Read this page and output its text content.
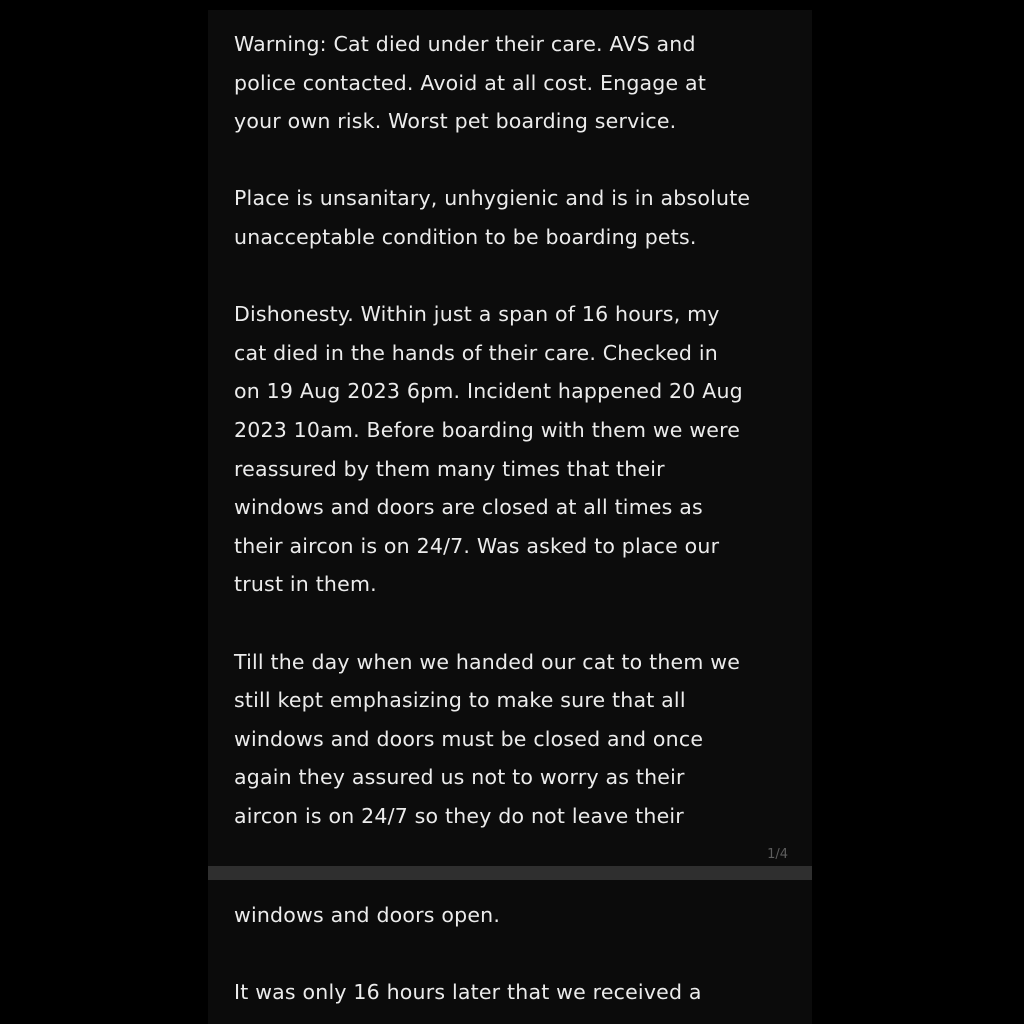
Warning: Cat died under their care. AVS and

police contacted. Avoid at all cost. Engage at

your own risk. Worst pet boarding service.

Place is unsanitary, unhygienic and is in absolute

unacceptable condition to be boarding pets.

Dishonesty. Within just a span of 16 hours, my

cat died in the hands of their care. Checked in

on 19 Aug 2023 6pm. Incident happened 20 Aug

2023 10am. Before boarding with them we were

reassured by them many times that their

windows and doors are closed at all times as

their aircon is on 24/7. Was asked to place our

trust in them.

Till the day when we handed our cat to them we

still kept emphasizing to make sure that all

windows and doors must be closed and once

again they assured us not to worry as their

aircon is on 24/7 so they do not leave their

1/4

windows and doors open.

It was only 16 hours later that we received a
